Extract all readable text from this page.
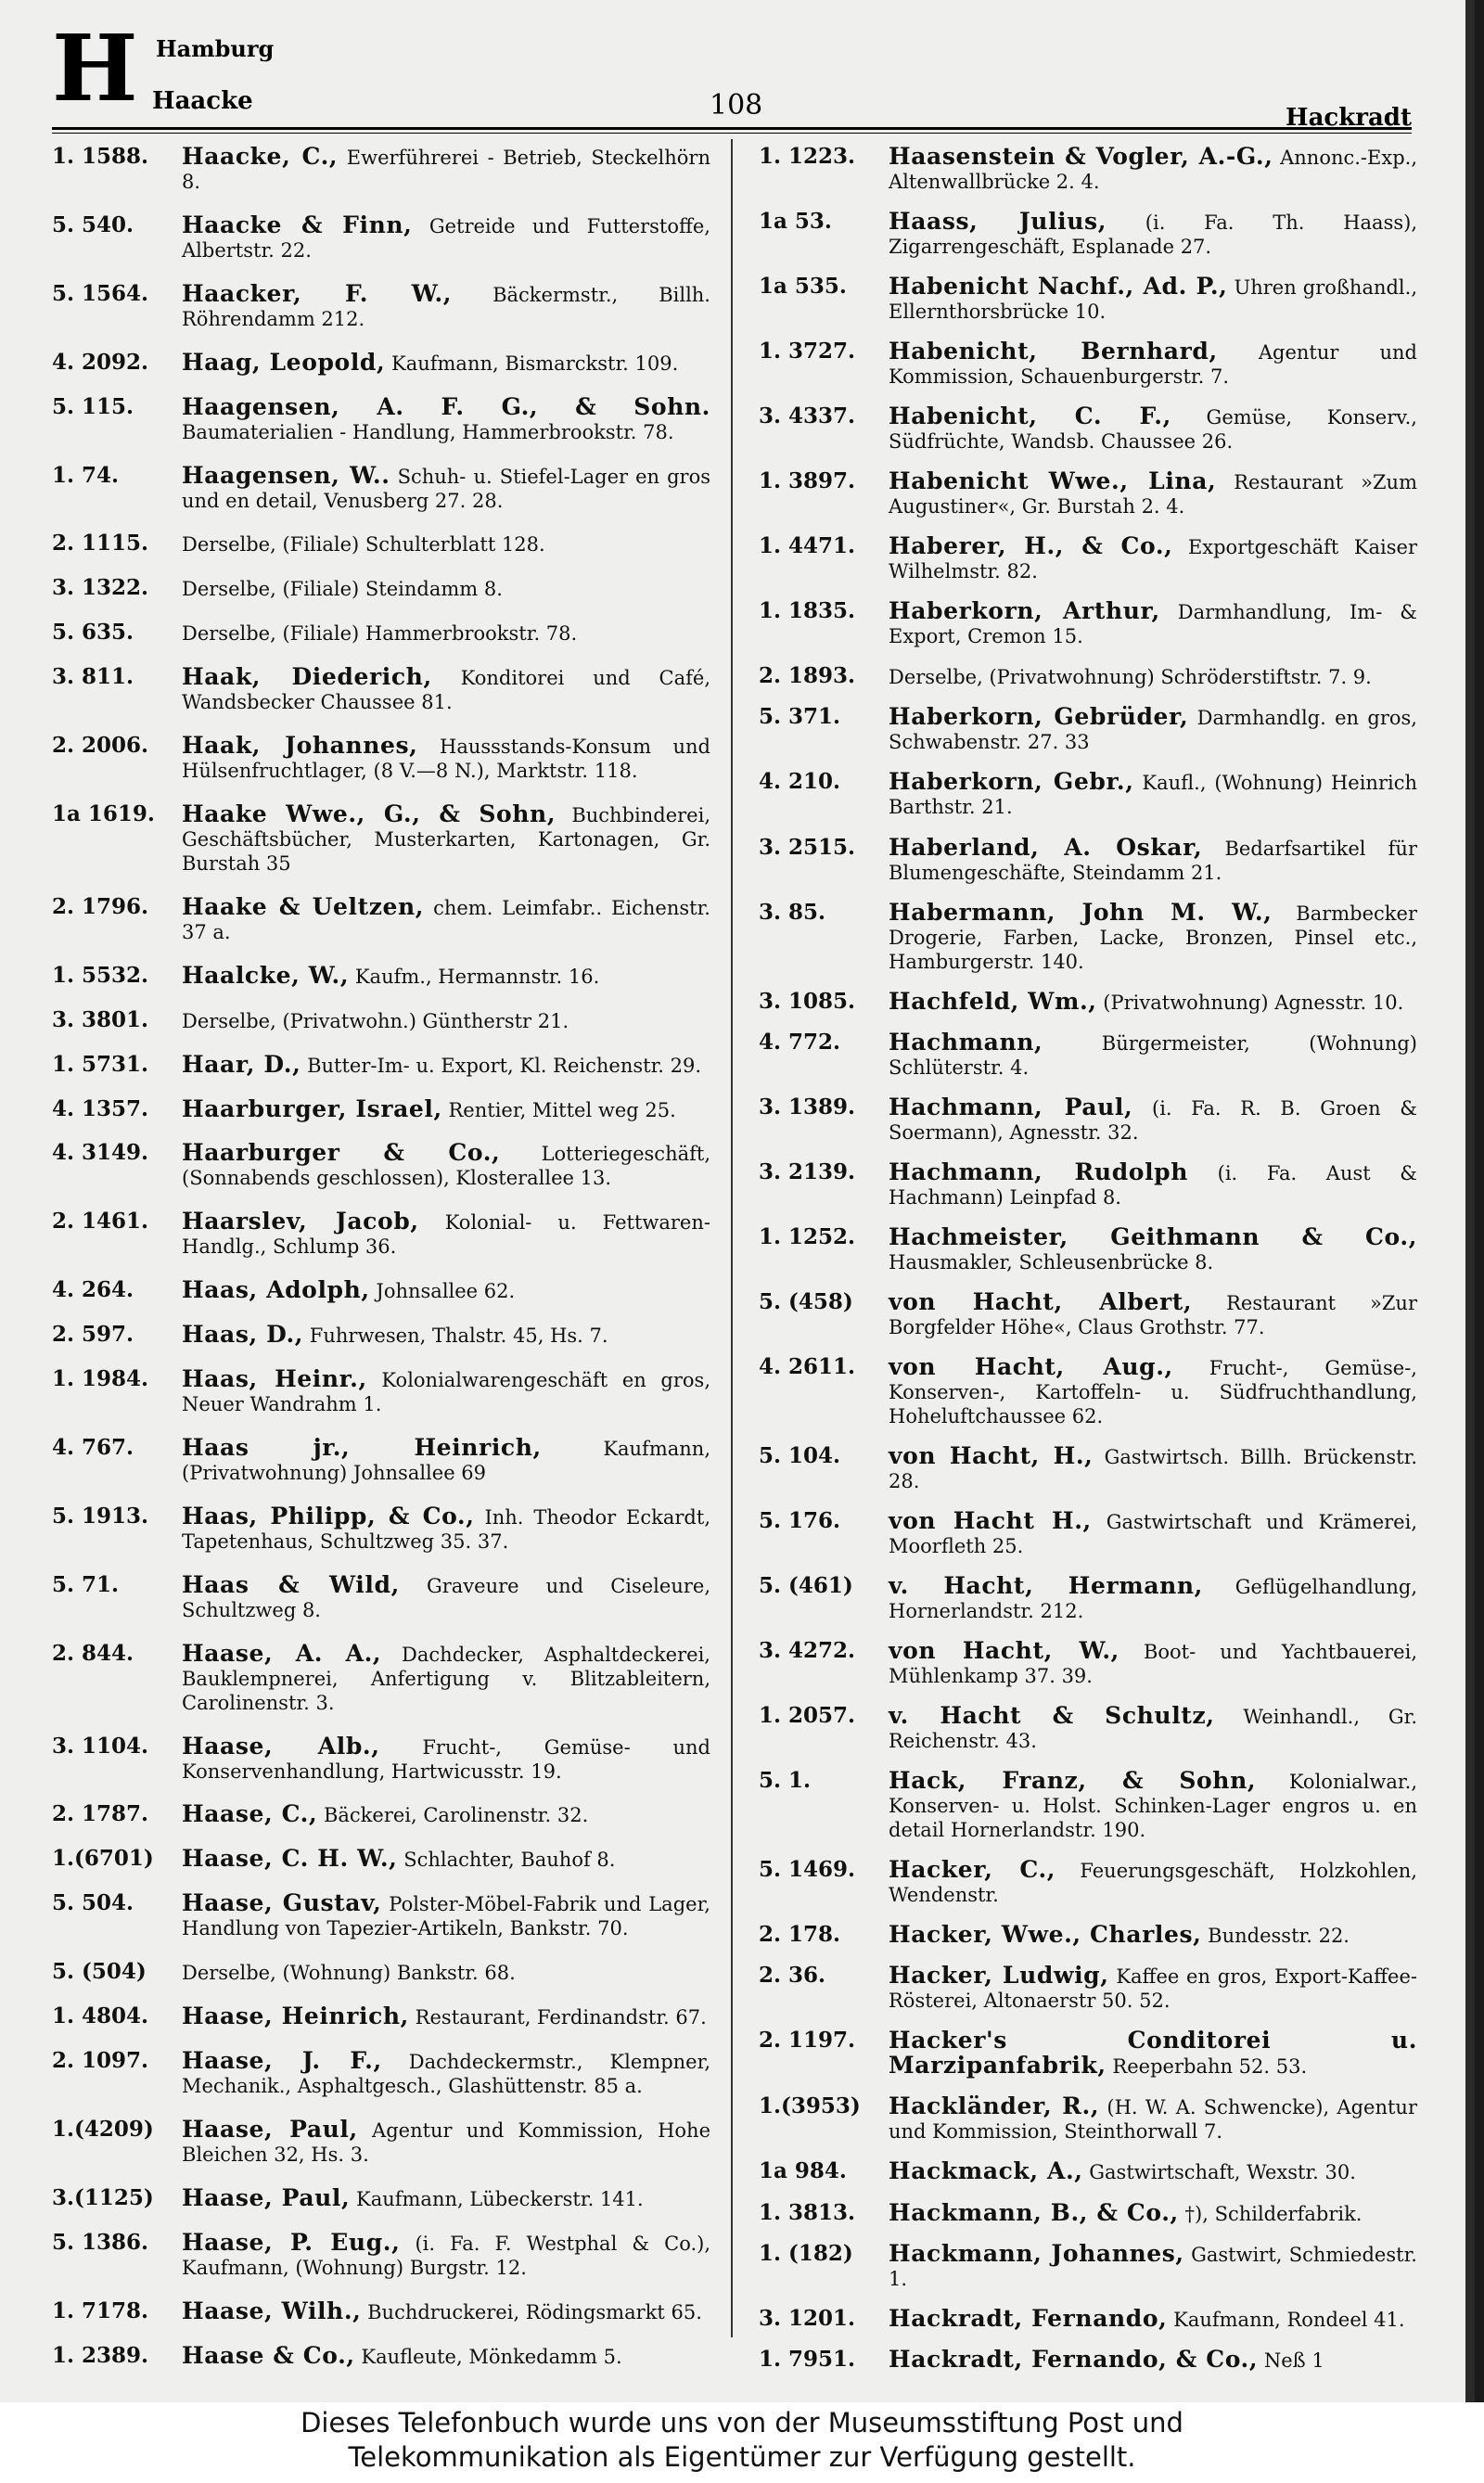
H Hamburg
Haacke	108	Hackradt
1. 1588. Haacke, C., Ewerführerei - Betrieb, Steckelhörn 8.
5. 540. Haacke & Finn, Getreide und Futterstoffe, Albertstr. 22.
5. 1564. Haacker, F. W., Bäckermstr., Billh. Röhrendamm 212.
4. 2092. Haag, Leopold, Kaufmann, Bismarckstr. 109.
5. 115. Haagensen, A. F. G., & Sohn. Baumaterialien - Handlung, Hammerbrookstr. 78.
1. 74.	Haagensen, W.. Schuh- u. Stiefel-Lager en gros und en detail, Venusberg 27. 28.
2. 1115. Derselbe, (Filiale) Schulterblatt 128.
3. 1322. Derselbe, (Filiale) Steindamm 8.
5. 635. Derselbe, (Filiale) Hammerbrookstr. 78.
3. 811. Haak, Diederich, Konditorei und Café, Wandsbecker Chaussee 81.
2. 2006. Haak, Johannes, Haussstands-Konsum und Hülsenfruchtlager, (8 V.—8 N.), Marktstr. 118.
1a 1619. Haake Wwe., G., & Sohn, Buchbinderei, Geschäftsbücher, Musterkarten, Kartonagen, Gr. Burstah 35
2. 1796. Haake & Ueltzen, chem. Leimfabr.. Eichenstr. 37 a.
1. 5532. Haalcke, W., Kaufm., Hermannstr. 16.
3. 3801. Derselbe, (Privatwohn.) Güntherstr 21.
1. 5731. Haar, D., Butter-Im- u. Export, Kl. Reichenstr. 29.
4. 1357. Haarburger, Israel, Rentier, Mittel weg 25.
4. 3149. Haarburger & Co., Lotteriegeschäft, (Sonnabends geschlossen), Klosterallee 13.
2. 1461. Haarslev, Jacob, Kolonial- u. Fettwaren-Handlg., Schlump 36.
4. 264. Haas, Adolph, Johnsallee 62.
2. 597. Haas, D., Fuhrwesen, Thalstr. 45, Hs. 7.
1. 1984. Haas, Heinr., Kolonialwarengeschäft en gros, Neuer Wandrahm 1.
4. 767. Haas jr., Heinrich,	Kaufmann, (Privatwohnung) Johnsallee 69
5. 1913. Haas, Philipp, & Co., Inh. Theodor Eckardt, Tapetenhaus, Schultzweg 35. 37.
5. 71.	Haas & Wild, Graveure und Ciseleure, Schultzweg 8.
2. 844. Haase, A. A., Dachdecker, Asphaltdeckerei, Bauklempnerei, Anfertigung v. Blitzableitern, Carolinenstr. 3.
3. 1104. Haase, Alb., Frucht-, Gemüse- und Konservenhandlung, Hartwicusstr. 19.
2. 1787. Haase, C., Bäckerei, Carolinenstr. 32.
1.(6701) Haase, C. H. W., Schlachter, Bauhof 8.
5. 504. Haase, Gustav, Polster-Möbel-Fabrik und Lager, Handlung von Tapezier-Artikeln, Bankstr. 70.
5. (504) Derselbe, (Wohnung) Bankstr. 68.
1. 4804. Haase, Heinrich, Restaurant, Ferdinandstr. 67.
2. 1097. Haase, J. F., Dachdeckermstr., Klempner, Mechanik., Asphaltgesch., Glashüttenstr. 85 a.
1.(4209) Haase, Paul, Agentur und Kommission, Hohe Bleichen 32, Hs. 3.
3.(1125) Haase, Paul, Kaufmann, Lübeckerstr. 141.
5. 1386. Haase, P. Eug., (i. Fa. F. Westphal & Co.), Kaufmann, (Wohnung) Burgstr. 12.
1. 7178. Haase, Wilh., Buchdruckerei, Rödingsmarkt 65.
1. 2389. Haase & Co., Kaufleute, Mönkedamm 5.
1. 1223. Haasenstein & Vogler, A.-G., Annonc.-Exp., Altenwallbrücke 2. 4.
1a 53. Haass, Julius, (i. Fa. Th. Haass), Zigarrengeschäft, Esplanade 27.
1a 535. Habenicht Nachf., Ad. P., Uhren großhandl., Ellernthorsbrücke 10.
1. 3727. Habenicht, Bernhard, Agentur und Kommission, Schauenburgerstr. 7.
3. 4337. Habenicht, C. F., Gemüse, Konserv., Südfrüchte, Wandsb. Chaussee 26.
1. 3897. Habenicht Wwe., Lina, Restaurant »Zum Augustiner«, Gr. Burstah 2. 4.
1. 4471. Haberer, H., & Co., Exportgeschäft Kaiser Wilhelmstr. 82.
1. 1835. Haberkorn, Arthur, Darmhandlung, Im- & Export, Cremon 15.
2. 1893. Derselbe, (Privatwohnung) Schröderstiftstr. 7. 9.
5. 371. Haberkorn, Gebrüder, Darmhandlg. en gros, Schwabenstr. 27. 33
4. 210. Haberkorn, Gebr., Kaufl., (Wohnung) Heinrich Barthstr. 21.
3. 2515. Haberland, A. Oskar, Bedarfsartikel für Blumengeschäfte, Steindamm 21.
3. 85.	Habermann, John M. W., Barmbecker Drogerie, Farben, Lacke, Bronzen, Pinsel etc., Hamburgerstr. 140.
3. 1085. Hachfeld, Wm., (Privatwohnung) Agnesstr. 10.
4. 772. Hachmann,	Bürgermeister, (Wohnung) Schlüterstr. 4.
3. 1389. Hachmann, Paul, (i. Fa. R. B. Groen & Soermann), Agnesstr. 32.
3. 2139. Hachmann, Rudolph (i. Fa. Aust & Hachmann) Leinpfad 8.
1. 1252. Hachmeister, Geithmann & Co., Hausmakler, Schleusenbrücke 8.
5. (458) von Hacht, Albert, Restaurant »Zur Borgfelder Höhe«, Claus Grothstr. 77.
4. 2611. von Hacht, Aug., Frucht-, Gemüse-, Konserven-, Kartoffeln- u. Südfruchthandlung, Hoheluftchaussee 62.
5. 104. von Hacht, H., Gastwirtsch. Billh. Brückenstr. 28.
5. 176. von Hacht H., Gastwirtschaft und Krämerei, Moorfleth 25.
5. (461) v. Hacht, Hermann, Geflügelhandlung, Hornerlandstr. 212.
3. 4272. von Hacht, W., Boot- und Yachtbauerei, Mühlenkamp 37. 39.
1. 2057. v. Hacht & Schultz, Weinhandl., Gr. Reichenstr. 43.
5. 1.	Hack, Franz, & Sohn, Kolonialwar., Konserven- u. Holst. Schinken-Lager engros u. en detail Hornerlandstr. 190.
5. 1469. Hacker, C., Feuerungsgeschäft, Holzkohlen, Wendenstr.
2. 178. Hacker, Wwe., Charles, Bundesstr. 22.
2. 36.	Hacker, Ludwig, Kaffee en gros, Export-Kaffee-Rösterei, Altonaerstr 50. 52.
2. 1197. Hacker's Conditorei u. Marzipanfabrik, Reeperbahn 52. 53.
1.(3953) Hackländer, R., (H. W. A. Schwencke), Agentur und Kommission, Steinthorwall 7.
1a 984. Hackmack, A., Gastwirtschaft, Wexstr. 30.
1. 3813. Hackmann, B., & Co., †), Schilderfabrik.
1. (182) Hackmann, Johannes, Gastwirt, Schmiedestr. 1.
3. 1201. Hackradt, Fernando, Kaufmann, Rondeel 41.
1. 7951. Hackradt, Fernando, & Co., Neß 1
Dieses Telefonbuch wurde uns von der Museumsstiftung Post und
Telekommunikation als Eigentümer zur Verfügung gestellt.
